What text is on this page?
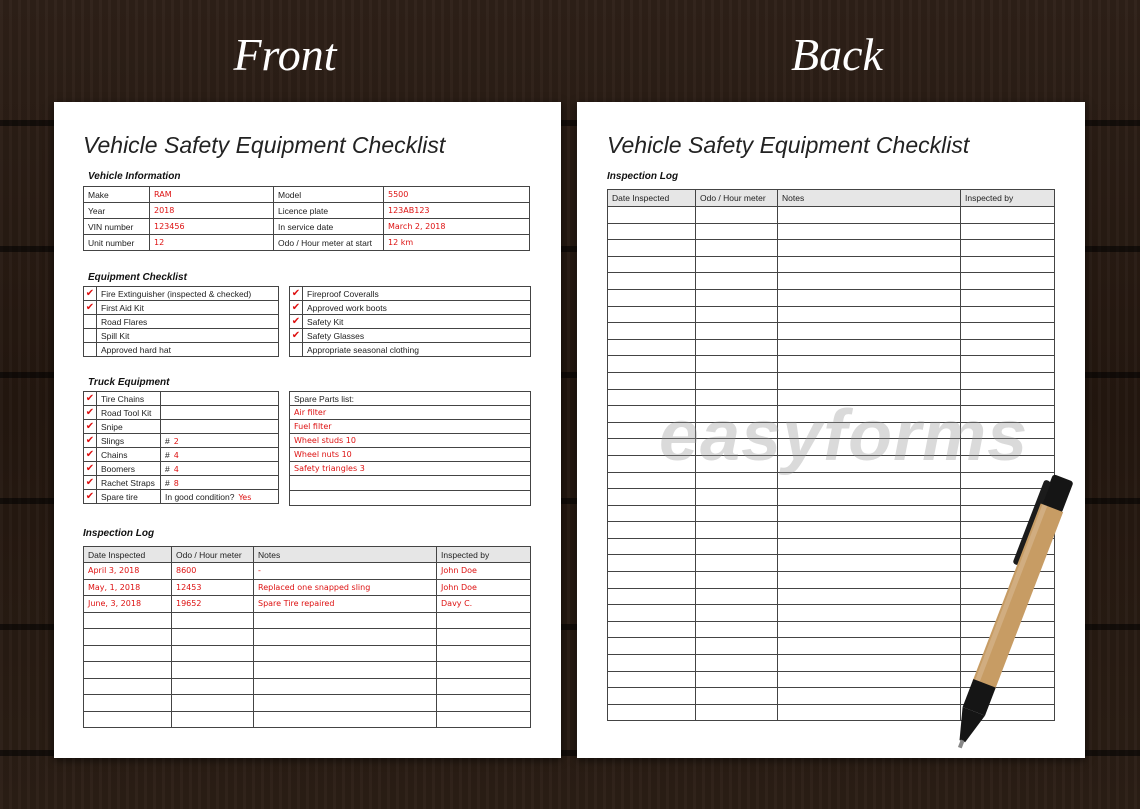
Front	Back
Vehicle Safety Equipment Checklist
Vehicle Information
Make	RAM	Model	5500
Year	2018	Licence plate	123AB123
VIN number	123456	In service date	March 2, 2018
Unit number	12	Odo / Hour meter at start	12 km
Equipment Checklist
✔	Fire Extinguisher (inspected & checked)
✔	First Aid Kit
	Road Flares
	Spill Kit
	Approved hard hat
✔	Fireproof Coveralls
✔	Approved work boots
✔	Safety Kit
✔	Safety Glasses
	Appropriate seasonal clothing
Truck Equipment
✔	Tire Chains	
✔	Road Tool Kit	
✔	Snipe	
✔	Slings	# 2
✔	Chains	# 4
✔	Boomers	# 4
✔	Rachet Straps	# 8
✔	Spare tire	In good condition? Yes
Spare Parts list:
Air filter
Fuel filter
Wheel studs 10
Wheel nuts 10
Safety triangles 3

Inspection Log
Date Inspected	Odo / Hour meter	Notes	Inspected by
April 3, 2018	8600	-	John Doe
May, 1, 2018	12453	Replaced one snapped sling	John Doe
June, 3, 2018	19652	Spare Tire repaired	Davy C.

Vehicle Safety Equipment Checklist
Inspection Log
Date Inspected	Odo / Hour meter	Notes	Inspected by

easyforms
